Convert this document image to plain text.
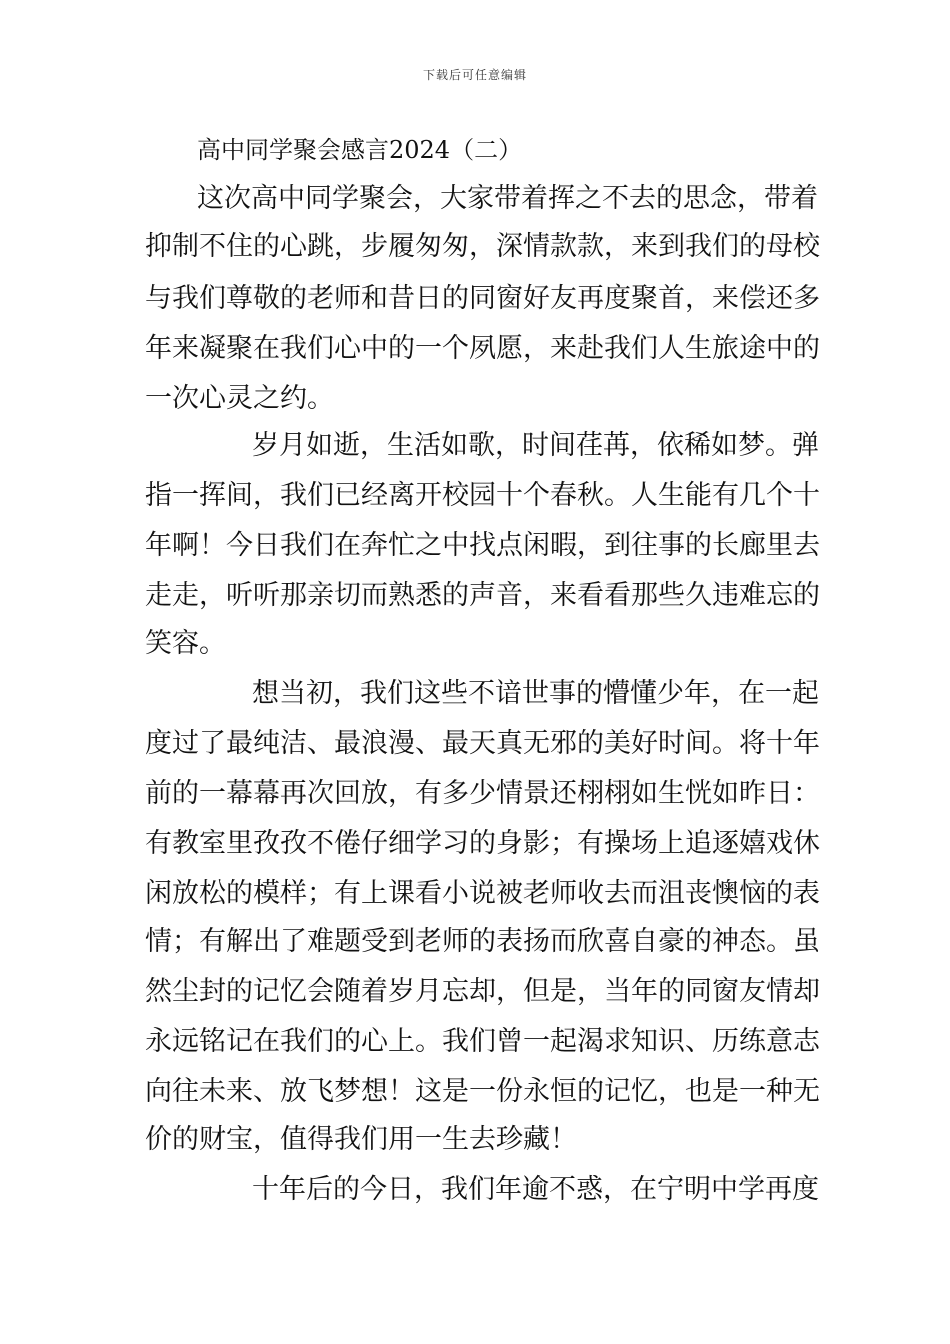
下载后可任意编辑
高中同学聚会感言2024（二）
这次高中同学聚会，大家带着挥之不去的思念，带着
抑制不住的心跳，步履匆匆，深情款款，来到我们的母校
与我们尊敬的老师和昔日的同窗好友再度聚首，来偿还多
年来凝聚在我们心中的一个夙愿，来赴我们人生旅途中的
一次心灵之约。
岁月如逝，生活如歌，时间荏苒，依稀如梦。弹
指一挥间，我们已经离开校园十个春秋。人生能有几个十
年啊！今日我们在奔忙之中找点闲暇，到往事的长廊里去
走走，听听那亲切而熟悉的声音，来看看那些久违难忘的
笑容。
想当初，我们这些不谙世事的懵懂少年，在一起
度过了最纯洁、最浪漫、最天真无邪的美好时间。将十年
前的一幕幕再次回放，有多少情景还栩栩如生恍如昨日：
有教室里孜孜不倦仔细学习的身影；有操场上追逐嬉戏休
闲放松的模样；有上课看小说被老师收去而沮丧懊恼的表
情；有解出了难题受到老师的表扬而欣喜自豪的神态。虽
然尘封的记忆会随着岁月忘却，但是，当年的同窗友情却
永远铭记在我们的心上。我们曾一起渴求知识、历练意志
向往未来、放飞梦想！这是一份永恒的记忆，也是一种无
价的财宝，值得我们用一生去珍藏！
十年后的今日，我们年逾不惑，在宁明中学再度
